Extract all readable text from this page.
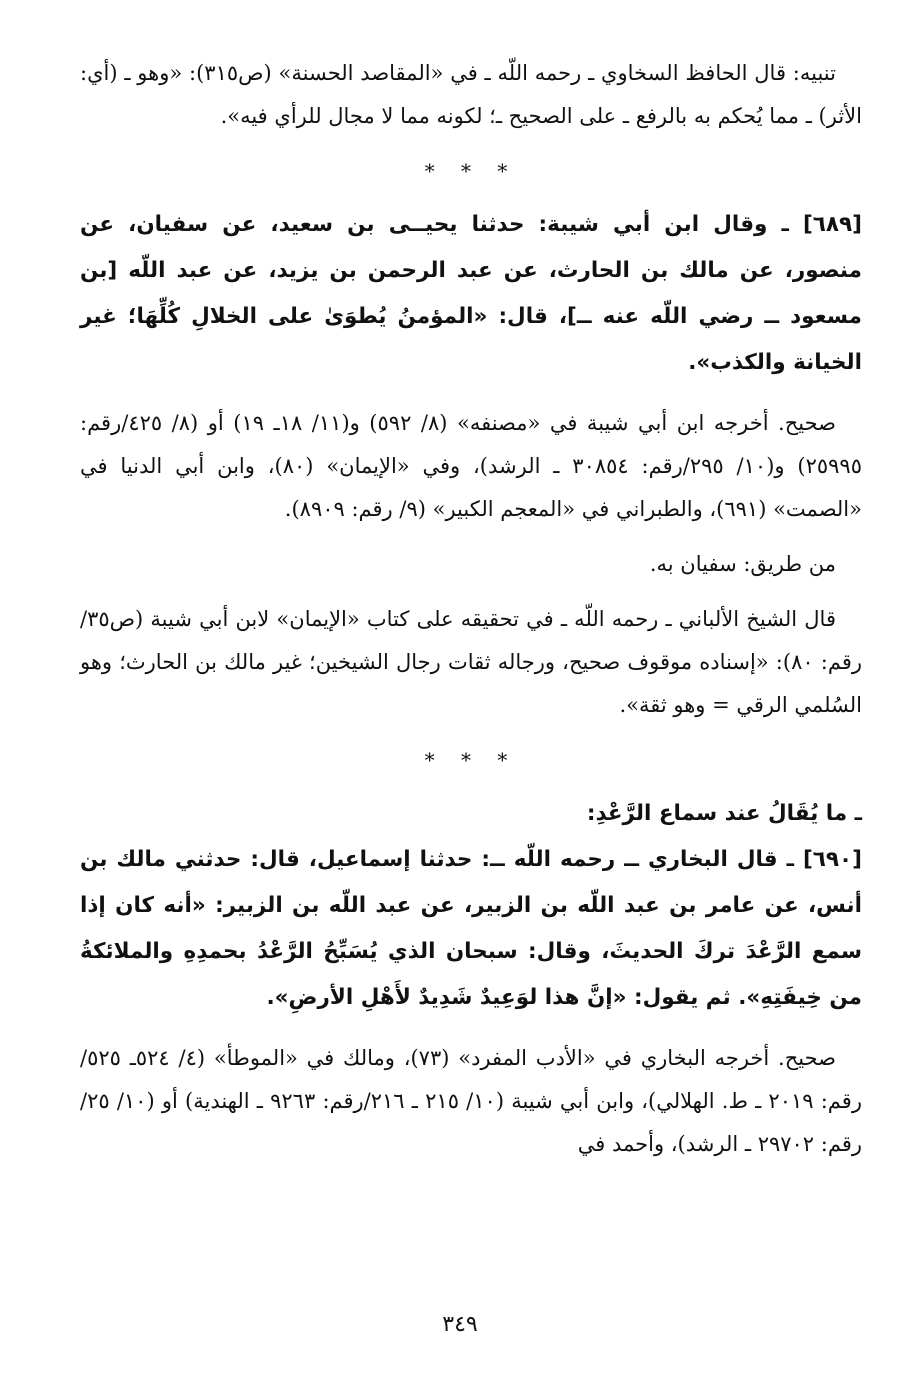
تنبيه: قال الحافظ السخاوي ـ رحمه اللّه ـ في «المقاصد الحسنة» (ص٣١٥): «وهو ـ (أي: الأثر) ـ مما يُحكم به بالرفع ـ على الصحيح ـ؛ لكونه مما لا مجال للرأي فيه».

* * *

[٦٨٩] ـ وقال ابن أبي شيبة: حدثنا يحيــى بن سعيد، عن سفيان، عن منصور، عن مالك بن الحارث، عن عبد الرحمن بن يزيد، عن عبد اللّه [بن مسعود ــ رضي اللّه عنه ــ]، قال: «المؤمنُ يُطوَىٰ على الخلالِ كُلِّهَا؛ غير الخيانة والكذب».

صحيح. أخرجه ابن أبي شيبة في «مصنفه» (٨/ ٥٩٢) و(١١/ ١٨ـ ١٩) أو (٨/ ٤٢٥/رقم: ٢٥٩٩٥) و(١٠/ ٢٩٥/رقم: ٣٠٨٥٤ ـ الرشد)، وفي «الإيمان» (٨٠)، وابن أبي الدنيا في «الصمت» (٦٩١)، والطبراني في «المعجم الكبير» (٩/ رقم: ٨٩٠٩).

من طريق: سفيان به.

قال الشيخ الألباني ـ رحمه اللّه ـ في تحقيقه على كتاب «الإيمان» لابن أبي شيبة (ص٣٥/رقم: ٨٠): «إسناده موقوف صحيح، ورجاله ثقات رجال الشيخين؛ غير مالك بن الحارث؛ وهو السُلمي الرقي = وهو ثقة».

* * *

ـ ما يُقَالُ عند سماع الرَّعْدِ:

[٦٩٠] ـ قال البخاري ــ رحمه اللّه ــ: حدثنا إسماعيل، قال: حدثني مالك بن أنس، عن عامر بن عبد اللّه بن الزبير، عن عبد اللّه بن الزبير: «أنه كان إذا سمع الرَّعْدَ تركَ الحديثَ، وقال: سبحان الذي يُسَبِّحُ الرَّعْدُ بحمدِهِ والملائكةُ من خِيفَتِهِ». ثم يقول: «إنَّ هذا لوَعِيدٌ شَدِيدٌ لأَهْلِ الأرضِ».

صحيح. أخرجه البخاري في «الأدب المفرد» (٧٣)، ومالك في «الموطأ» (٤/ ٥٢٤ـ ٥٢٥/رقم: ٢٠١٩ ـ ط. الهلالي)، وابن أبي شيبة (١٠/ ٢١٥ ـ ٢١٦/رقم: ٩٢٦٣ ـ الهندية) أو (١٠/ ٢٥/رقم: ٢٩٧٠٢ ـ الرشد)، وأحمد في

٣٤٩
